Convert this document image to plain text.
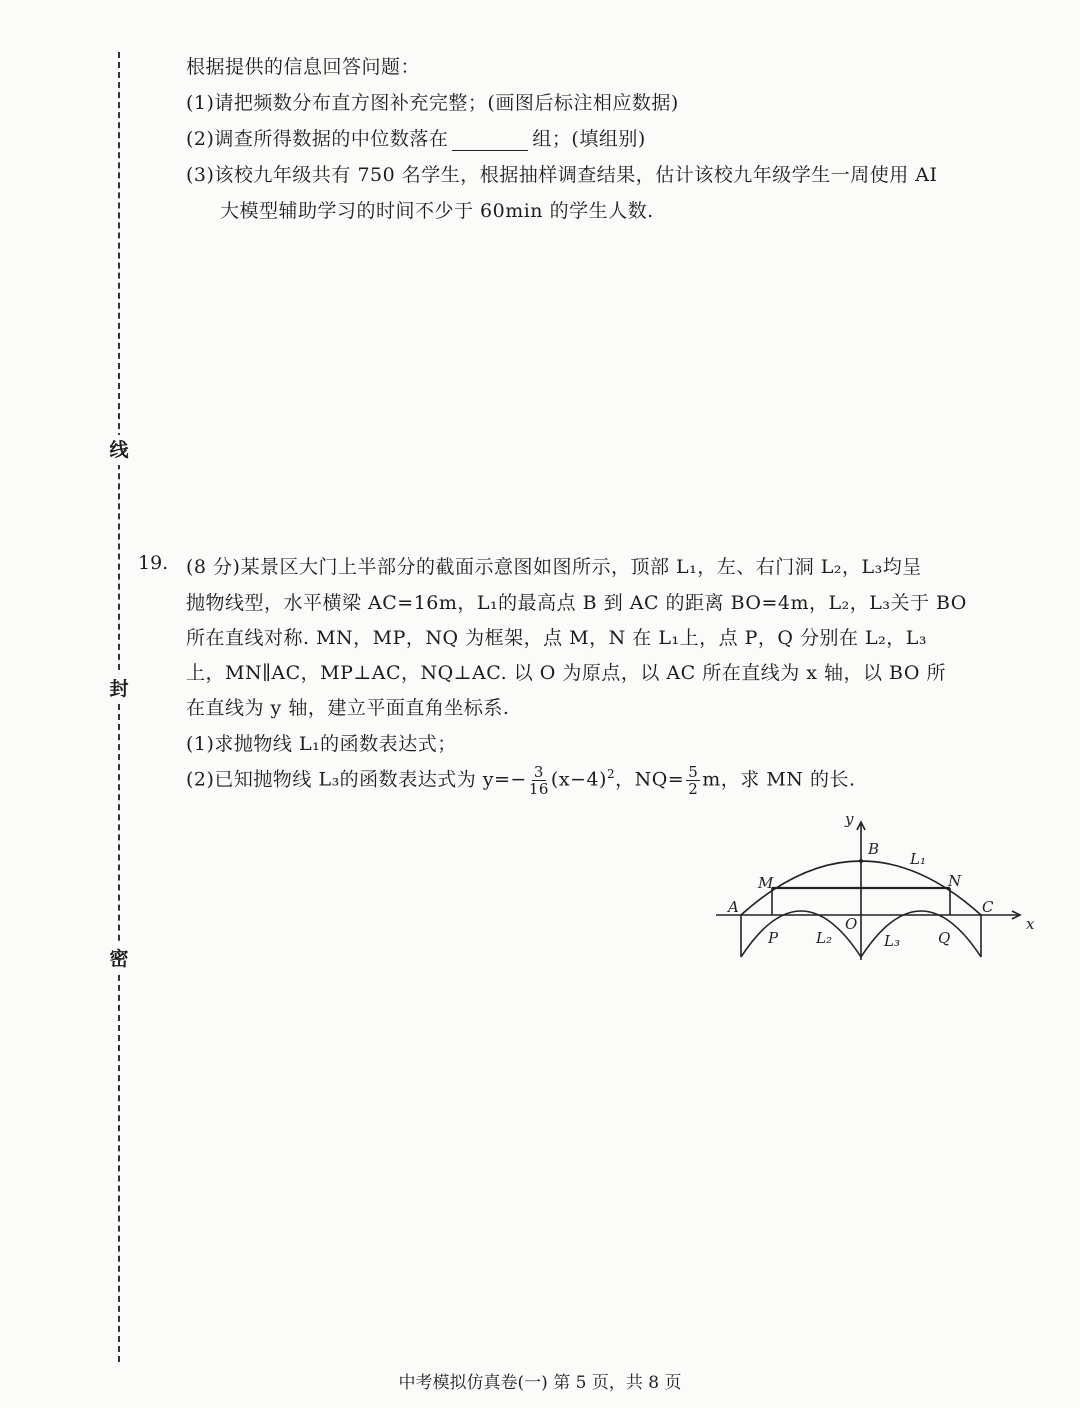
线
封
密
根据提供的信息回答问题：
(1)请把频数分布直方图补充完整；(画图后标注相应数据)
(2)调查所得数据的中位数落在	组；(填组别)
(3)该校九年级共有 750 名学生，根据抽样调查结果，估计该校九年级学生一周使用 AI
大模型辅助学习的时间不少于 60min 的学生人数.
19. (8 分)某景区大门上半部分的截面示意图如图所示，顶部 L₁，左、右门洞 L₂，L₃均呈
抛物线型，水平横梁 AC=16m，L₁的最高点 B 到 AC 的距离 BO=4m，L₂，L₃关于 BO
所在直线对称. MN，MP，NQ 为框架，点 M，N 在 L₁上，点 P，Q 分别在 L₂，L₃
上，MN∥AC，MP⊥AC，NQ⊥AC. 以 O 为原点，以 AC 所在直线为 x 轴，以 BO 所
在直线为 y 轴，建立平面直角坐标系.
(1)求抛物线 L₁的函数表达式；
(2)已知抛物线 L₃的函数表达式为 $y=- \frac{3}{16} (x-4)^2$，$NQ= \frac{5}{2}$ m，求 MN 的长.
y
x
B
L₁
M	N
A	C
O
P	Q
L₂	L₃
中考模拟仿真卷(一) 第 5 页，共 8 页
